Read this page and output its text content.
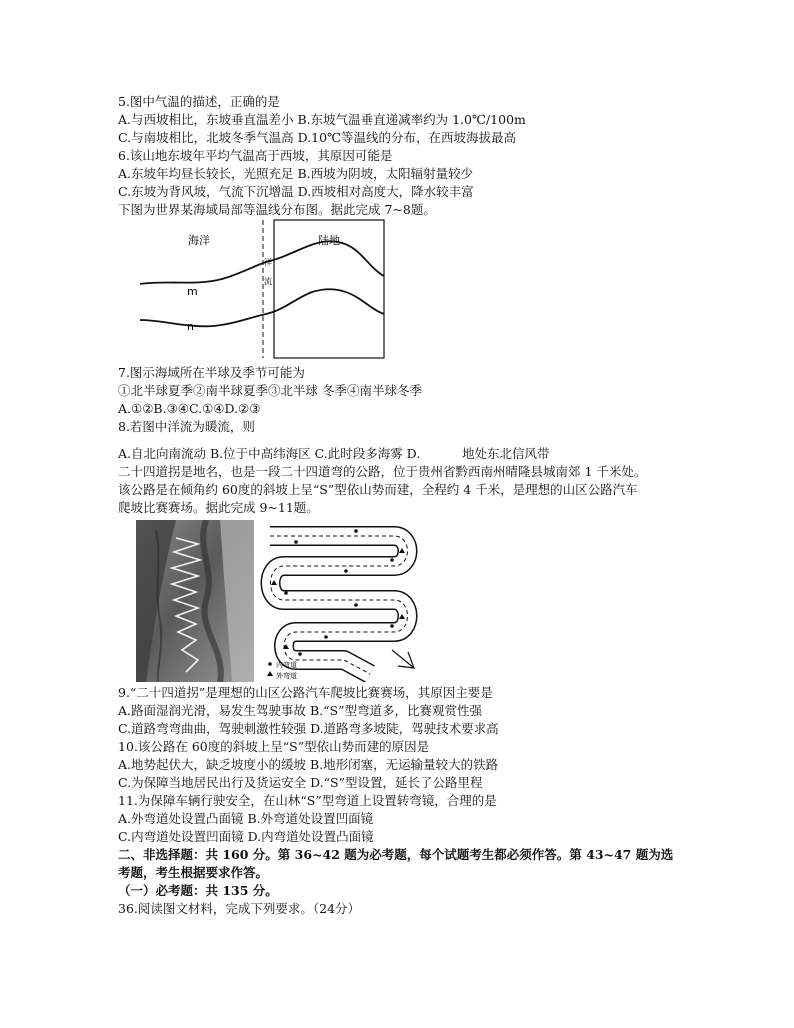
5.图中气温的描述，正确的是
A.与西坡相比，东坡垂直温差小 B.东坡气温垂直递减率约为 1.0℃/100m
C.与南坡相比，北坡冬季气温高 D.10℃等温线的分布，在西坡海拔最高
6.该山地东坡年平均气温高于西坡，其原因可能是
A.东坡年均昼长较长，光照充足 B.西坡为阴坡，太阳辐射量较少
C.东坡为背风坡，气流下沉增温 D.西坡相对高度大，降水较丰富
下图为世界某海域局部等温线分布图。据此完成 7~8题。
海洋	陆地
洋
流
m
n
7.图示海域所在半球及季节可能为
①北半球夏季②南半球夏季③北半球 冬季④南半球冬季
A.①②B.③④C.①④D.②③
8.若图中洋流为暖流，则
A.自北向南流动 B.位于中高纬海区 C.此时段多海雾 D.	地处东北信风带
二十四道拐是地名，也是一段二十四道弯的公路，位于贵州省黔西南州晴隆县城南郊 1 千米处。
该公路是在倾角约 60度的斜坡上呈“S”型依山势而建，全程约 4 千米，是理想的山区公路汽车
爬坡比赛赛场。据此完成 9~11题。
内弯道
外弯道
9.“二十四道拐”是理想的山区公路汽车爬坡比赛赛场，其原因主要是
A.路面湿润光滑，易发生驾驶事故 B.“S”型弯道多，比赛观赏性强
C.道路弯弯曲曲，驾驶刺激性较强 D.道路弯多坡陡，驾驶技术要求高
10.该公路在 60度的斜坡上呈“S”型依山势而建的原因是
A.地势起伏大，缺乏坡度小的缓坡 B.地形闭塞，无运输量较大的铁路
C.为保障当地居民出行及货运安全 D.“S”型设置，延长了公路里程
11.为保障车辆行驶安全，在山林“S”型弯道上设置转弯镜，合理的是
A.外弯道处设置凸面镜 B.外弯道处设置凹面镜
C.内弯道处设置凹面镜 D.内弯道处设置凸面镜
二、非选择题：共 160 分。第 36~42 题为必考题，每个试题考生都必须作答。第 43~47 题为选
考题，考生根据要求作答。
（一）必考题：共 135 分。
36.阅读图文材料，完成下列要求。（24分）
